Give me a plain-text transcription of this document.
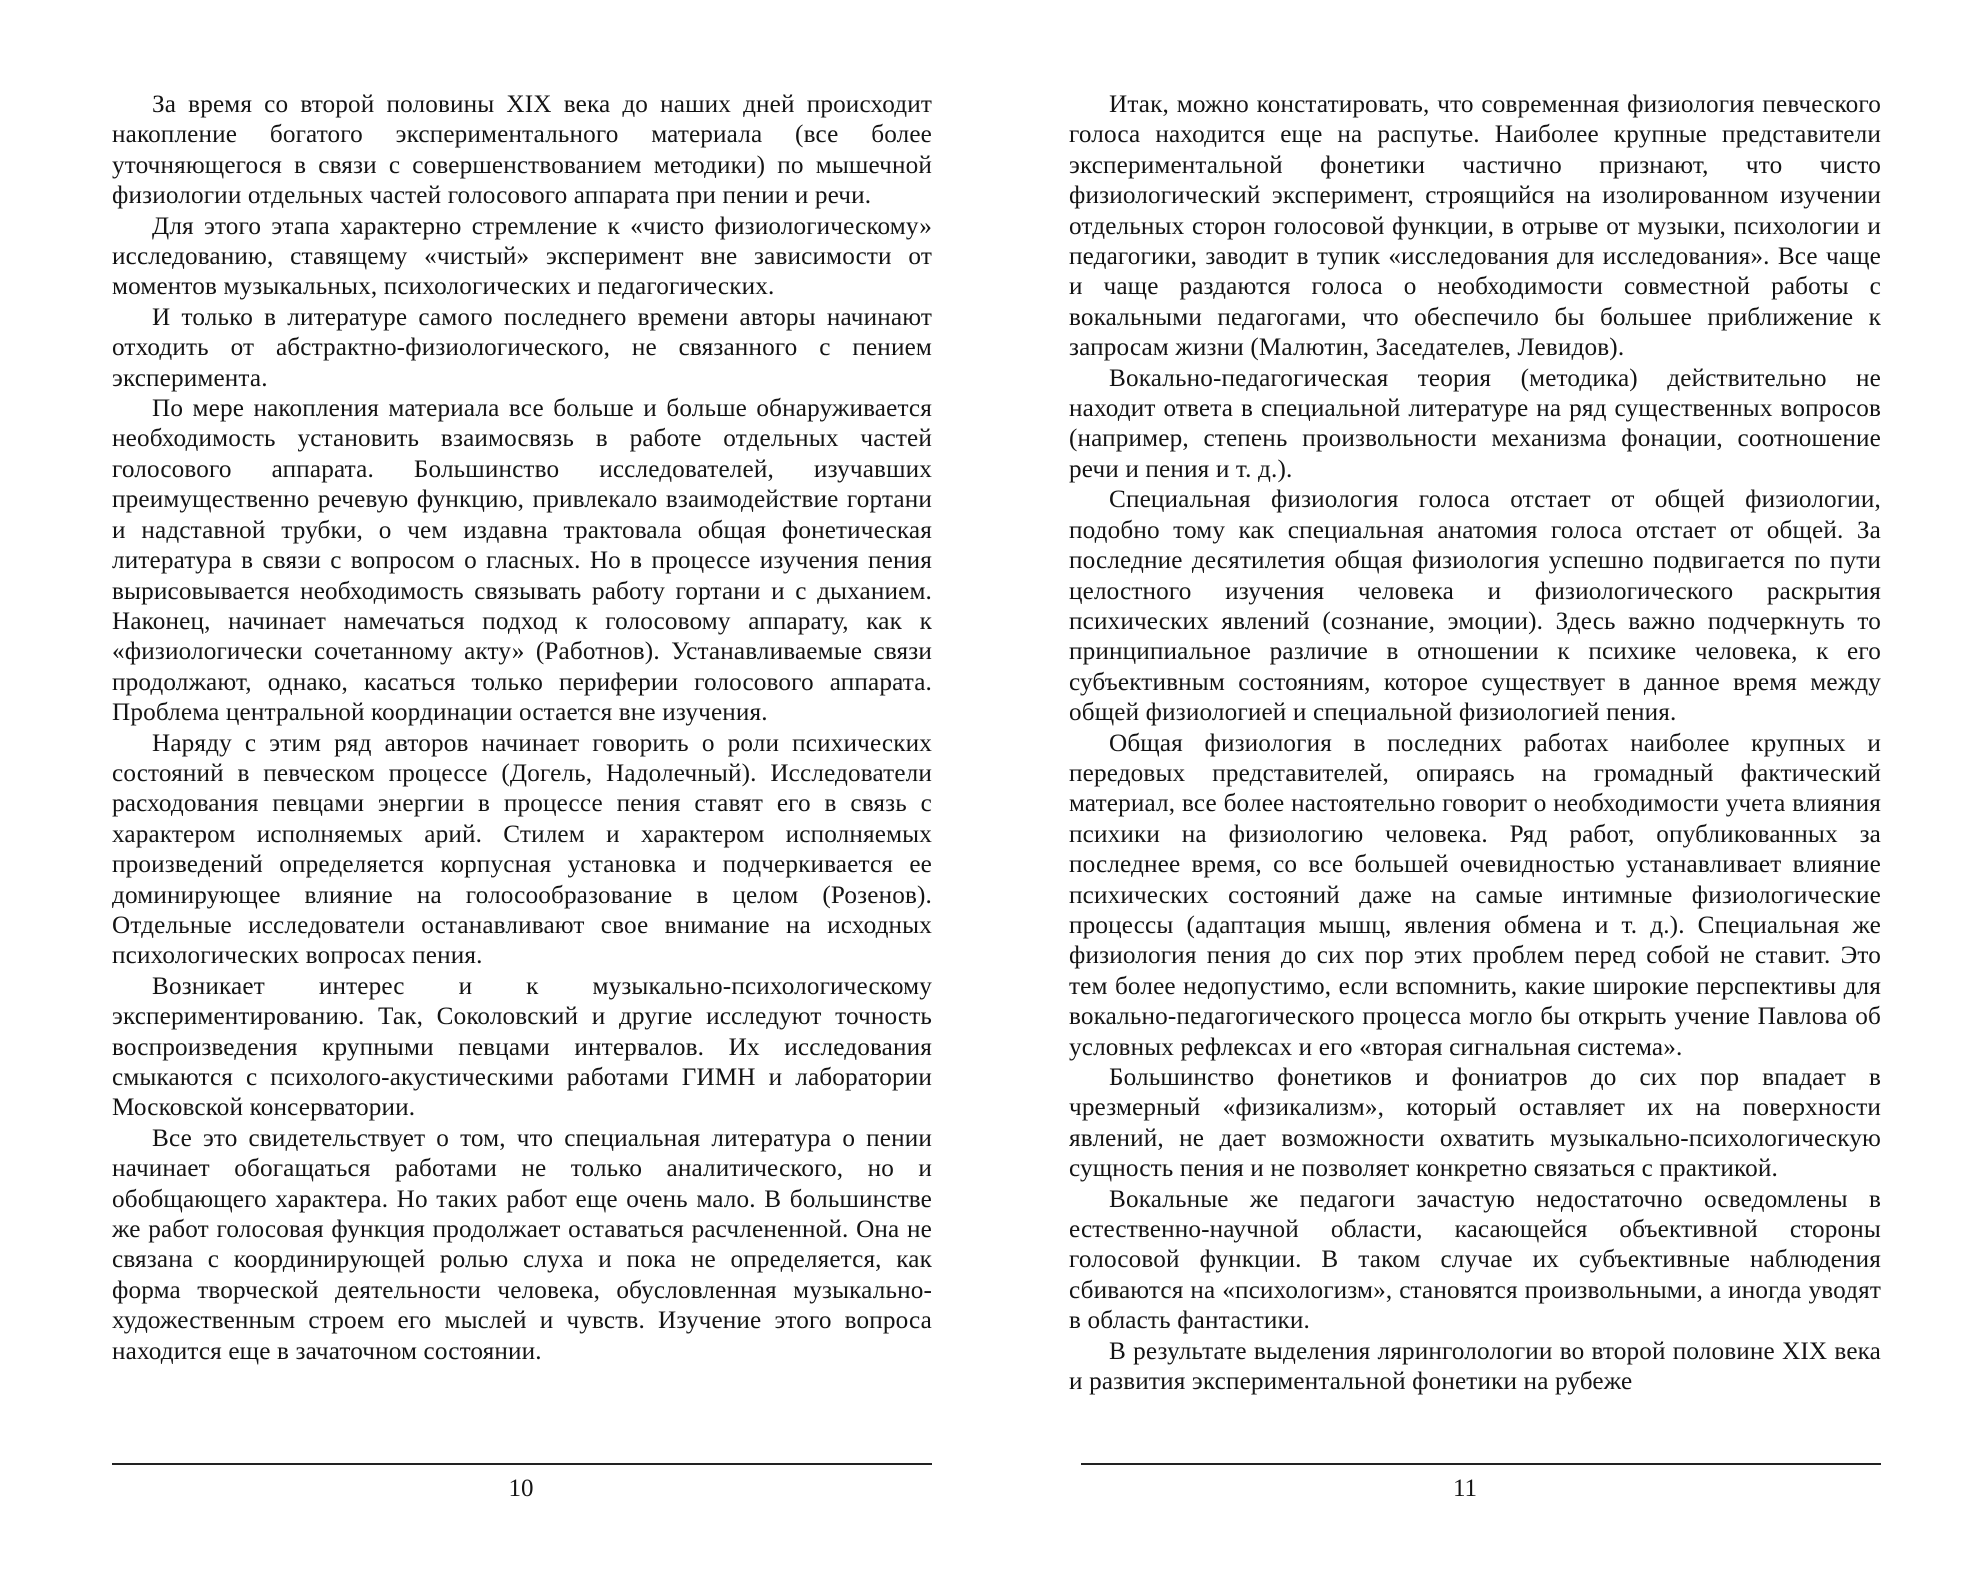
За время со второй половины XIX века до наших дней происходит накопление богатого экспериментального материала (все более уточняющегося в связи с совершенствованием методики) по мышечной физиологии отдельных частей голосового аппарата при пении и речи.

Для этого этапа характерно стремление к «чисто физиологическому» исследованию, ставящему «чистый» эксперимент вне зависимости от моментов музыкальных, психологических и педагогических.

И только в литературе самого последнего времени авторы начинают отходить от абстрактно-физиологического, не связанного с пением эксперимента.

По мере накопления материала все больше и больше обнаруживается необходимость установить взаимосвязь в работе отдельных частей голосового аппарата. Большинство исследователей, изучавших преимущественно речевую функцию, привлекало взаимодействие гортани и надставной трубки, о чем издавна трактовала общая фонетическая литература в связи с вопросом о гласных. Но в процессе изучения пения вырисовывается необходимость связывать работу гортани и с дыханием. Наконец, начинает намечаться подход к голосовому аппарату, как к «физиологически сочетанному акту» (Работнов). Устанавливаемые связи продолжают, однако, касаться только периферии голосового аппарата. Проблема центральной координации остается вне изучения.

Наряду с этим ряд авторов начинает говорить о роли психических состояний в певческом процессе (Догель, Надолечный). Исследователи расходования певцами энергии в процессе пения ставят его в связь с характером исполняемых арий. Стилем и характером исполняемых произведений определяется корпусная установка и подчеркивается ее доминирующее влияние на голосообразование в целом (Розенов). Отдельные исследователи останавливают свое внимание на исходных психологических вопросах пения.

Возникает интерес и к музыкально-психологическому экспериментированию. Так, Соколовский и другие исследуют точность воспроизведения крупными певцами интервалов. Их исследования смыкаются с психолого-акустическими работами ГИМН и лаборатории Московской консерватории.

Все это свидетельствует о том, что специальная литература о пении начинает обогащаться работами не только аналитического, но и обобщающего характера. Но таких работ еще очень мало. В большинстве же работ голосовая функция продолжает оставаться расчлененной. Она не связана с координирующей ролью слуха и пока не определяется, как форма творческой деятельности человека, обусловленная музыкально-художественным строем его мыслей и чувств. Изучение этого вопроса находится еще в зачаточном состоянии.

10

Итак, можно констатировать, что современная физиология певческого голоса находится еще на распутье. Наиболее крупные представители экспериментальной фонетики частично признают, что чисто физиологический эксперимент, строящийся на изолированном изучении отдельных сторон голосовой функции, в отрыве от музыки, психологии и педагогики, заводит в тупик «исследования для исследования». Все чаще и чаще раздаются голоса о необходимости совместной работы с вокальными педагогами, что обеспечило бы большее приближение к запросам жизни (Малютин, Заседателев, Левидов).

Вокально-педагогическая теория (методика) действительно не находит ответа в специальной литературе на ряд существенных вопросов (например, степень произвольности механизма фонации, соотношение речи и пения и т. д.).

Специальная физиология голоса отстает от общей физиологии, подобно тому как специальная анатомия голоса отстает от общей. За последние десятилетия общая физиология успешно подвигается по пути целостного изучения человека и физиологического раскрытия психических явлений (сознание, эмоции). Здесь важно подчеркнуть то принципиальное различие в отношении к психике человека, к его субъективным состояниям, которое существует в данное время между общей физиологией и специальной физиологией пения.

Общая физиология в последних работах наиболее крупных и передовых представителей, опираясь на громадный фактический материал, все более настоятельно говорит о необходимости учета влияния психики на физиологию человека. Ряд работ, опубликованных за последнее время, со все большей очевидностью устанавливает влияние психических состояний даже на самые интимные физиологические процессы (адаптация мышц, явления обмена и т. д.). Специальная же физиология пения до сих пор этих проблем перед собой не ставит. Это тем более недопустимо, если вспомнить, какие широкие перспективы для вокально-педагогического процесса могло бы открыть учение Павлова об условных рефлексах и его «вторая сигнальная система».

Большинство фонетиков и фониатров до сих пор впадает в чрезмерный «физикализм», который оставляет их на поверхности явлений, не дает возможности охватить музыкально-психологическую сущность пения и не позволяет конкретно связаться с практикой.

Вокальные же педагоги зачастую недостаточно осведомлены в естественно-научной области, касающейся объективной стороны голосовой функции. В таком случае их субъективные наблюдения сбиваются на «психологизм», становятся произвольными, а иногда уводят в область фантастики.

В результате выделения ляринголологии во второй половине XIX века и развития экспериментальной фонетики на рубеже

11
